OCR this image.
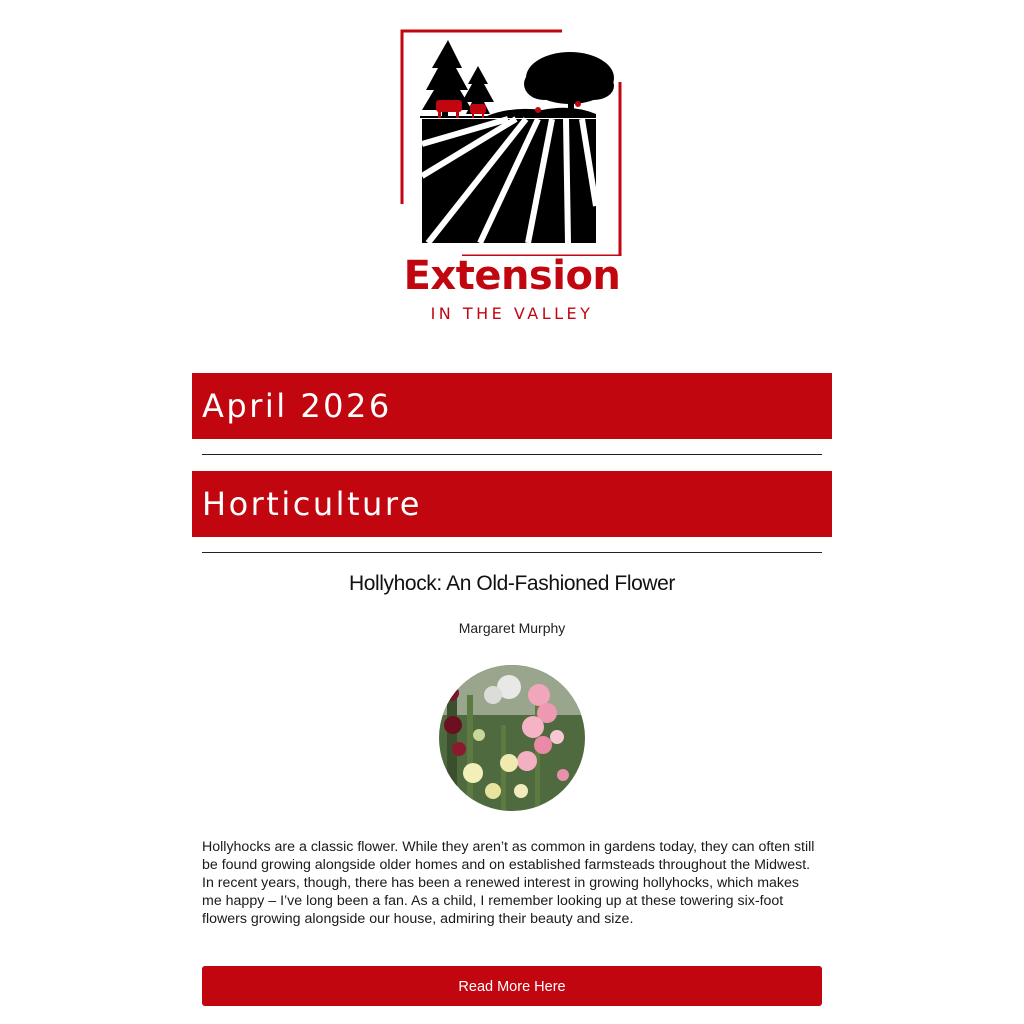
Extension
IN THE VALLEY
April 2026
Horticulture
Hollyhock: An Old-Fashioned Flower
Margaret Murphy

Hollyhocks are a classic flower. While they aren’t as common in gardens today, they can often still be found growing alongside older homes and on established farmsteads throughout the Midwest.

In recent years, though, there has been a renewed interest in growing hollyhocks, which makes me happy – I’ve long been a fan. As a child, I remember looking up at these towering six-foot flowers growing alongside our house, admiring their beauty and size.

Read More Here
